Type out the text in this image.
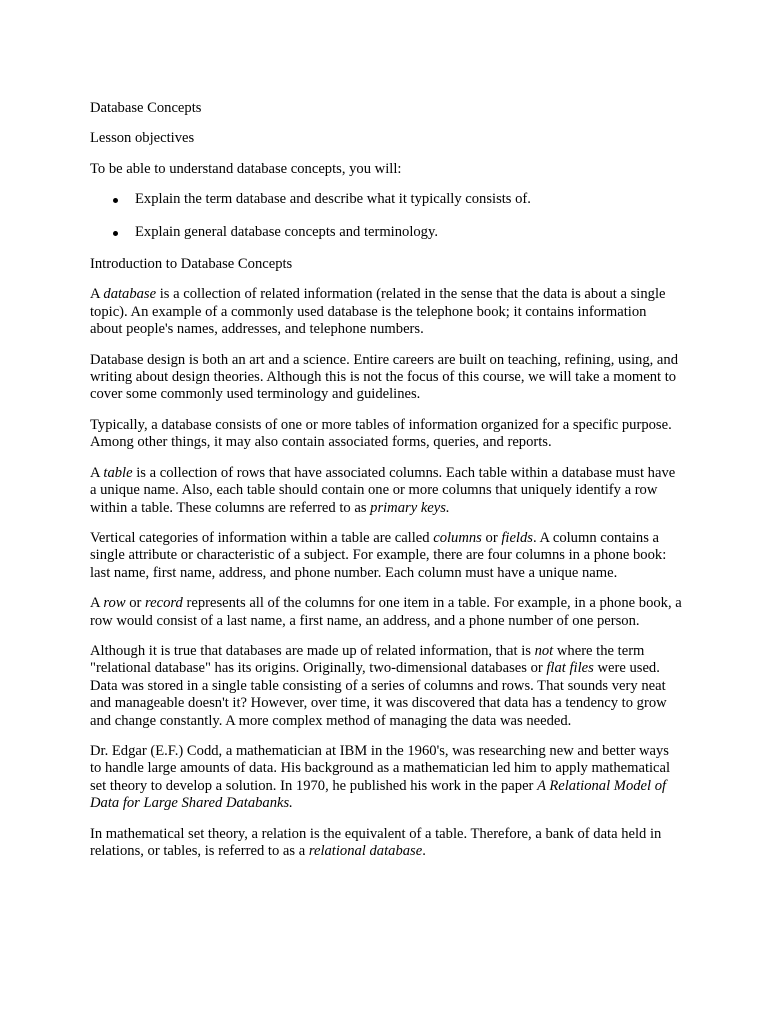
Database Concepts

Lesson objectives

To be able to understand database concepts, you will:

Explain the term database and describe what it typically consists of.
Explain general database concepts and terminology.

Introduction to Database Concepts

A database is a collection of related information (related in the sense that the data is about a single topic). An example of a commonly used database is the telephone book; it contains information about people's names, addresses, and telephone numbers.

Database design is both an art and a science. Entire careers are built on teaching, refining, using, and writing about design theories. Although this is not the focus of this course, we will take a moment to cover some commonly used terminology and guidelines.

Typically, a database consists of one or more tables of information organized for a specific purpose. Among other things, it may also contain associated forms, queries, and reports.

A table is a collection of rows that have associated columns. Each table within a database must have a unique name. Also, each table should contain one or more columns that uniquely identify a row within a table. These columns are referred to as primary keys.

Vertical categories of information within a table are called columns or fields. A column contains a single attribute or characteristic of a subject. For example, there are four columns in a phone book: last name, first name, address, and phone number. Each column must have a unique name.

A row or record represents all of the columns for one item in a table. For example, in a phone book, a row would consist of a last name, a first name, an address, and a phone number of one person.

Although it is true that databases are made up of related information, that is not where the term "relational database" has its origins. Originally, two-dimensional databases or flat files were used. Data was stored in a single table consisting of a series of columns and rows. That sounds very neat and manageable doesn't it? However, over time, it was discovered that data has a tendency to grow and change constantly. A more complex method of managing the data was needed.

Dr. Edgar (E.F.) Codd, a mathematician at IBM in the 1960's, was researching new and better ways to handle large amounts of data. His background as a mathematician led him to apply mathematical set theory to develop a solution. In 1970, he published his work in the paper A Relational Model of Data for Large Shared Databanks.

In mathematical set theory, a relation is the equivalent of a table. Therefore, a bank of data held in relations, or tables, is referred to as a relational database.
